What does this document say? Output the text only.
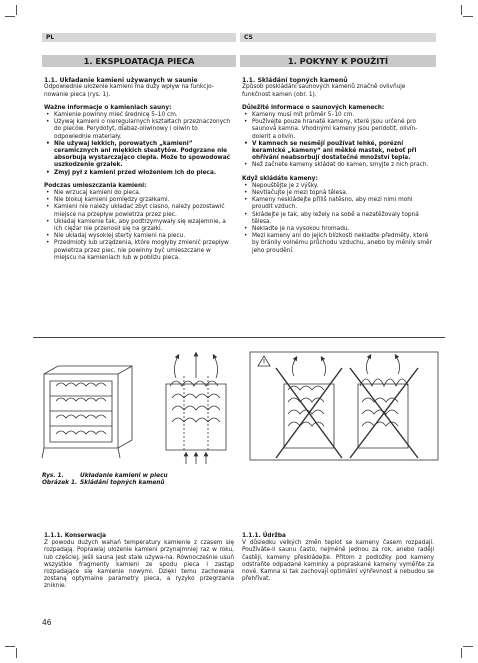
PL	CS
1. EKSPLOATACJA PIECA	1. POKYNY K POUŽITÍ
1.1. Układanie kamieni używanych w saunie

Odpowiednie ułożenie kamieni ma duży wpływ na funkcjo-nowanie pieca (rys. 1).

Ważne informacje o kamieniach sauny:
• Kamienie powinny mieć średnicę 5–10 cm.
• Używaj kamieni o nieregularnych kształtach przeznaczonych do pieców. Perydotyt, diabaz-oliwinowy i oliwin to odpowiednie materiały.
• Nie używaj lekkich, porowatych „kamieni” ceramicznych ani miękkich steatytów. Podgrzane nie absorbują wystarczająco ciepła. Może to spowodować uszkodzenie grzałek.
• Zmyj pył z kamieni przed włożeniem ich do pieca.
Podczas umieszczania kamieni:
• Nie wrzucaj kamieni do pieca.
• Nie blokuj kamieni pomiędzy grzałkami.
• Kamieni nie należy układać zbyt ciasno, należy pozostawić miejsce na przepływ powietrza przez piec.
• Układaj kamienie tak, aby podtrzymywały się wzajemnie, a ich ciężar nie przenosił się na grzałki.
• Nie układaj wysokiej sterty kamieni na piecu.
• Przedmioty lub urządzenia, które mogłyby zmienić przepływ powietrza przez piec, nie powinny być umieszczane w miejscu na kamieniach lub w pobliżu pieca.
1.1. Skládání topných kamenů

Způsob poskládání saunových kamenů značně ovlivňuje funkčnost kamen (obr. 1).

Důležité informace o saunových kamenech:
• Kameny musí mít průměr 5–10 cm.
• Používejte pouze hranaté kameny, které jsou určené pro saunová kamna. Vhodnými kameny jsou peridotit, olivín-dolerit a olivín.
• V kamnech se nesmějí používat lehké, porézní keramické „kameny“ ani měkké mastek, neboť při ohřívání neabsorbují dostatečné množství tepla.
• Než začnete kameny skládat do kamen, smyjte z nich prach.
Když skládáte kameny:
• Nepouštějte je z výšky.
• Nevtlačujte je mezi topná tělesa.
• Kameny neskládejte příliš natěsno, aby mezi nimi mohl proudit vzduch.
• Skládejte je tak, aby ležely na sobě a nezatěžovaly topná tělesa.
• Nekladte je na vysokou hromadu.
• Mezi kameny ani do jejich blízkosti nekladte předměty, které by bránily volnému průchodu vzduchu, anebo by měnily směr jeho proudění.
Rys. 1.	Układanie kamieni w piecu
Obrázek 1. Skládání topných kamenů
1.1.1. Konserwacja

Z powodu dużych wahań temperatury kamienie z czasem się rozpadają. Poprawiaj ułożenie kamieni przynajmniej raz w roku, lub częściej, jeśli sauna jest stale używa-na. Równocześnie usuń wszystkie fragmenty kamieni ze spodu pieca i zastąp rozpadające się kamienie nowymi. Dzięki temu zachowana zostaną optymalne parametry pieca, a ryzyko przegrzania zniknie.

1.1.1. Údržba

V důsledku velkých změn teplot se kameny časem rozpadají. Používáte-li saunu často, nejméně jednou za rok, anebo raději častěji, kameny přeskládejte. Přitom z podložky pod kameny odstraňte odpadané kaminky a popraskané kameny vyměňte za nové. Kamna si tak zachovají optimální výhřevnost a nebudou se přehřívat.

46
